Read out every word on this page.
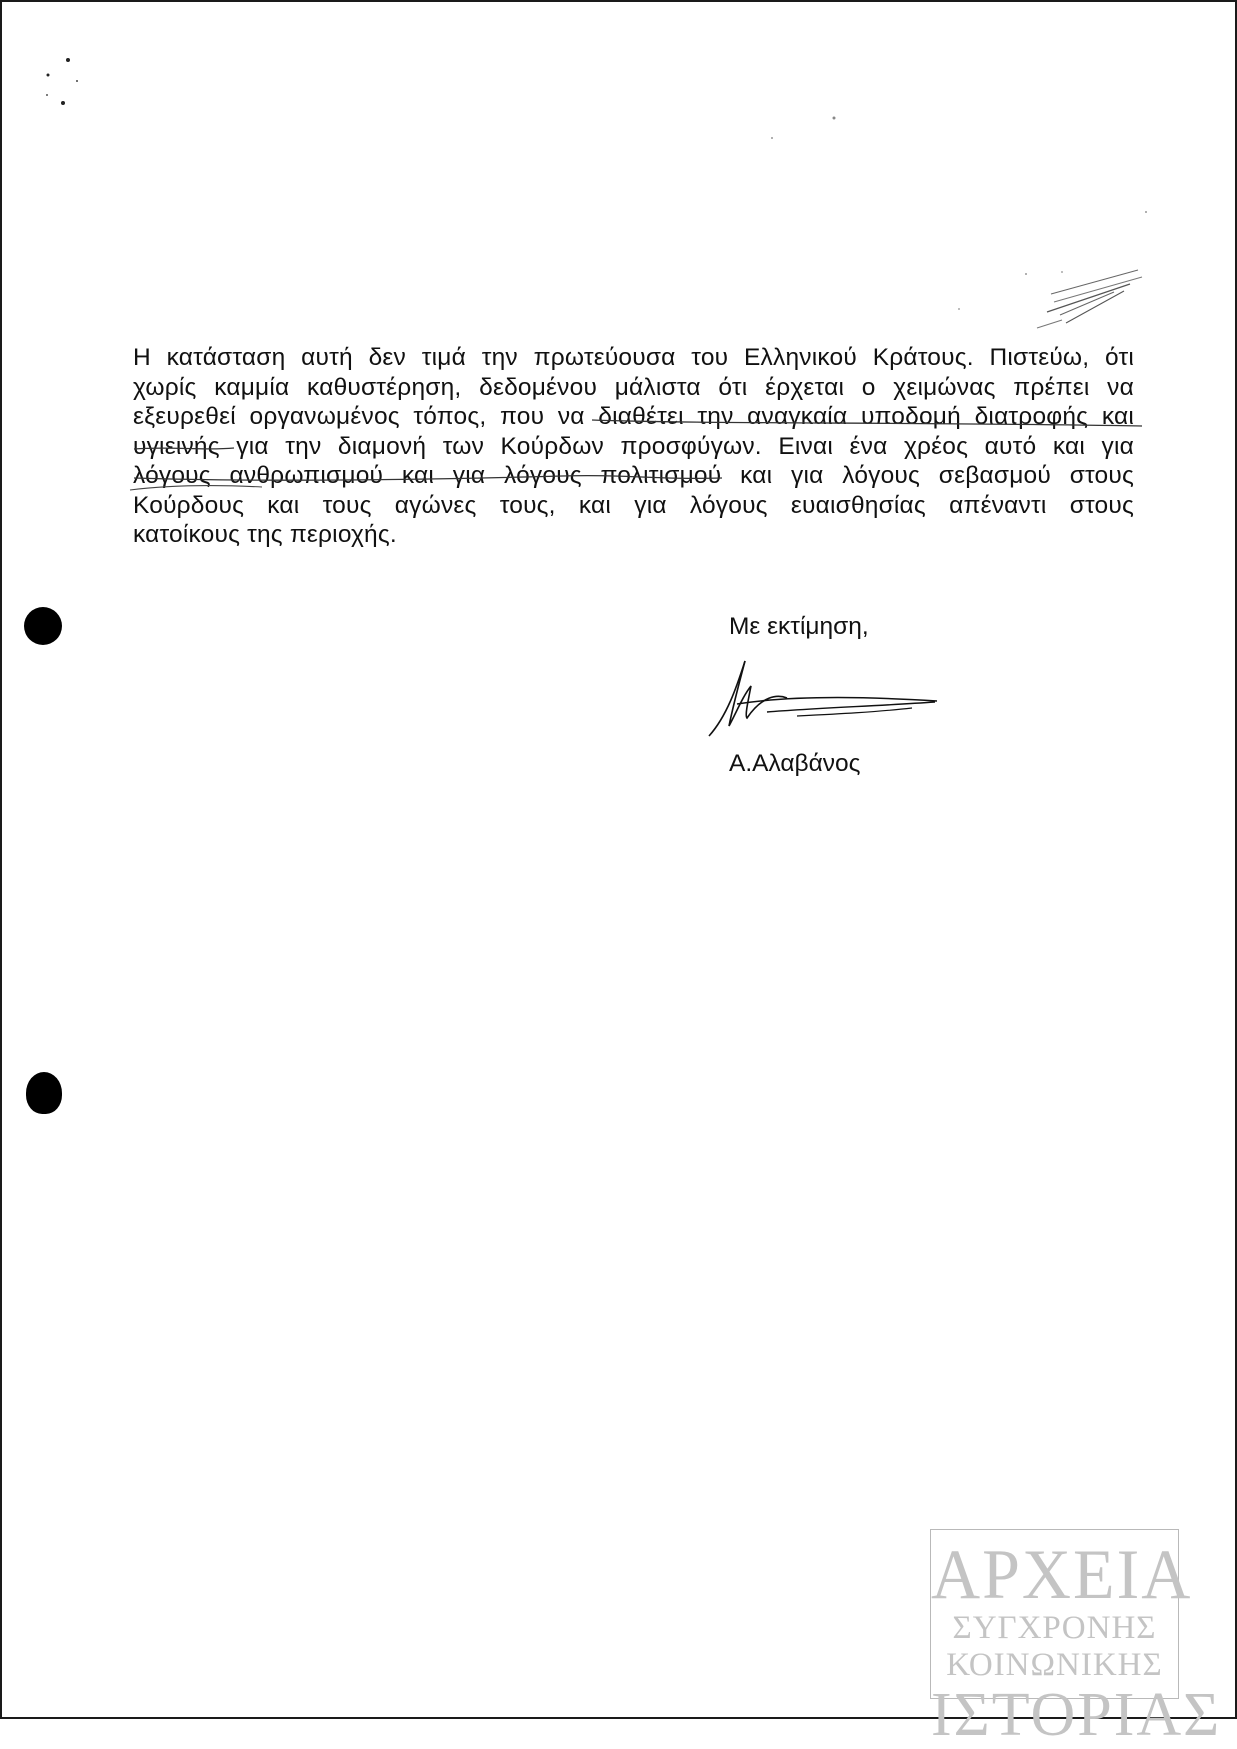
Η κατάσταση αυτή δεν τιμά την πρωτεύουσα του Ελληνικού Κράτους. Πιστεύω, ότι
χωρίς καμμία καθυστέρηση, δεδομένου μάλιστα ότι έρχεται ο χειμώνας πρέπει να
εξευρεθεί οργανωμένος τόπος, που να διαθέτει την αναγκαία υποδομή διατροφής και
υγιεινής για την διαμονή των Κούρδων προσφύγων. Ειναι ένα χρέος αυτό και για
λόγους ανθρωπισμού και για λόγους πολιτισμού και για λόγους σεβασμού στους
Κούρδους και τους αγώνες τους, και για λόγους ευαισθησίας απέναντι στους
κατοίκους της περιοχής.
Με εκτίμηση,
Α.Αλαβάνος
ΑΡΧΕΙΑ
ΣΥΓΧΡΟΝΗΣ
ΚΟΙΝΩΝΙΚΗΣ
ΙΣΤΟΡΙΑΣ
